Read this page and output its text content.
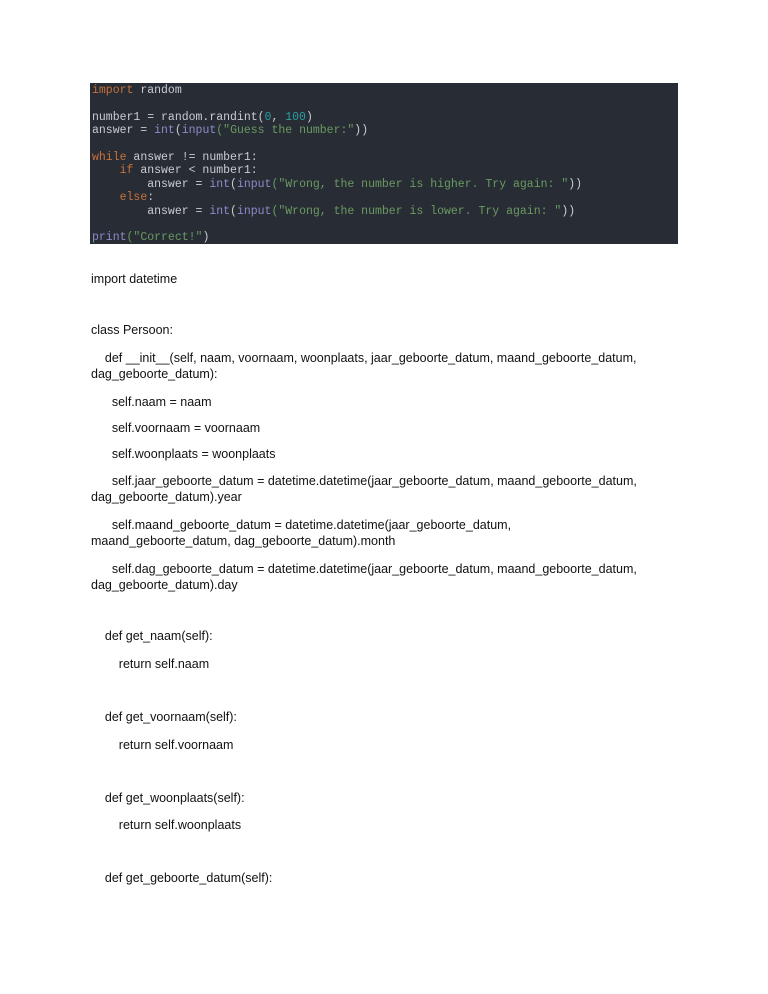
import random
number1 = random.randint(0, 100)
answer = int(input("Guess the number:"))
while answer != number1:
if answer < number1:
answer = int(input("Wrong, the number is higher. Try again: "))
else:
answer = int(input("Wrong, the number is lower. Try again: "))
print("Correct!")
import datetime
class Persoon:
def __init__(self, naam, voornaam, woonplaats, jaar_geboorte_datum, maand_geboorte_datum,
dag_geboorte_datum):
self.naam = naam
self.voornaam = voornaam
self.woonplaats = woonplaats
self.jaar_geboorte_datum = datetime.datetime(jaar_geboorte_datum, maand_geboorte_datum,
dag_geboorte_datum).year
self.maand_geboorte_datum = datetime.datetime(jaar_geboorte_datum,
maand_geboorte_datum, dag_geboorte_datum).month
self.dag_geboorte_datum = datetime.datetime(jaar_geboorte_datum, maand_geboorte_datum,
dag_geboorte_datum).day
def get_naam(self):
return self.naam
def get_voornaam(self):
return self.voornaam
def get_woonplaats(self):
return self.woonplaats
def get_geboorte_datum(self):
